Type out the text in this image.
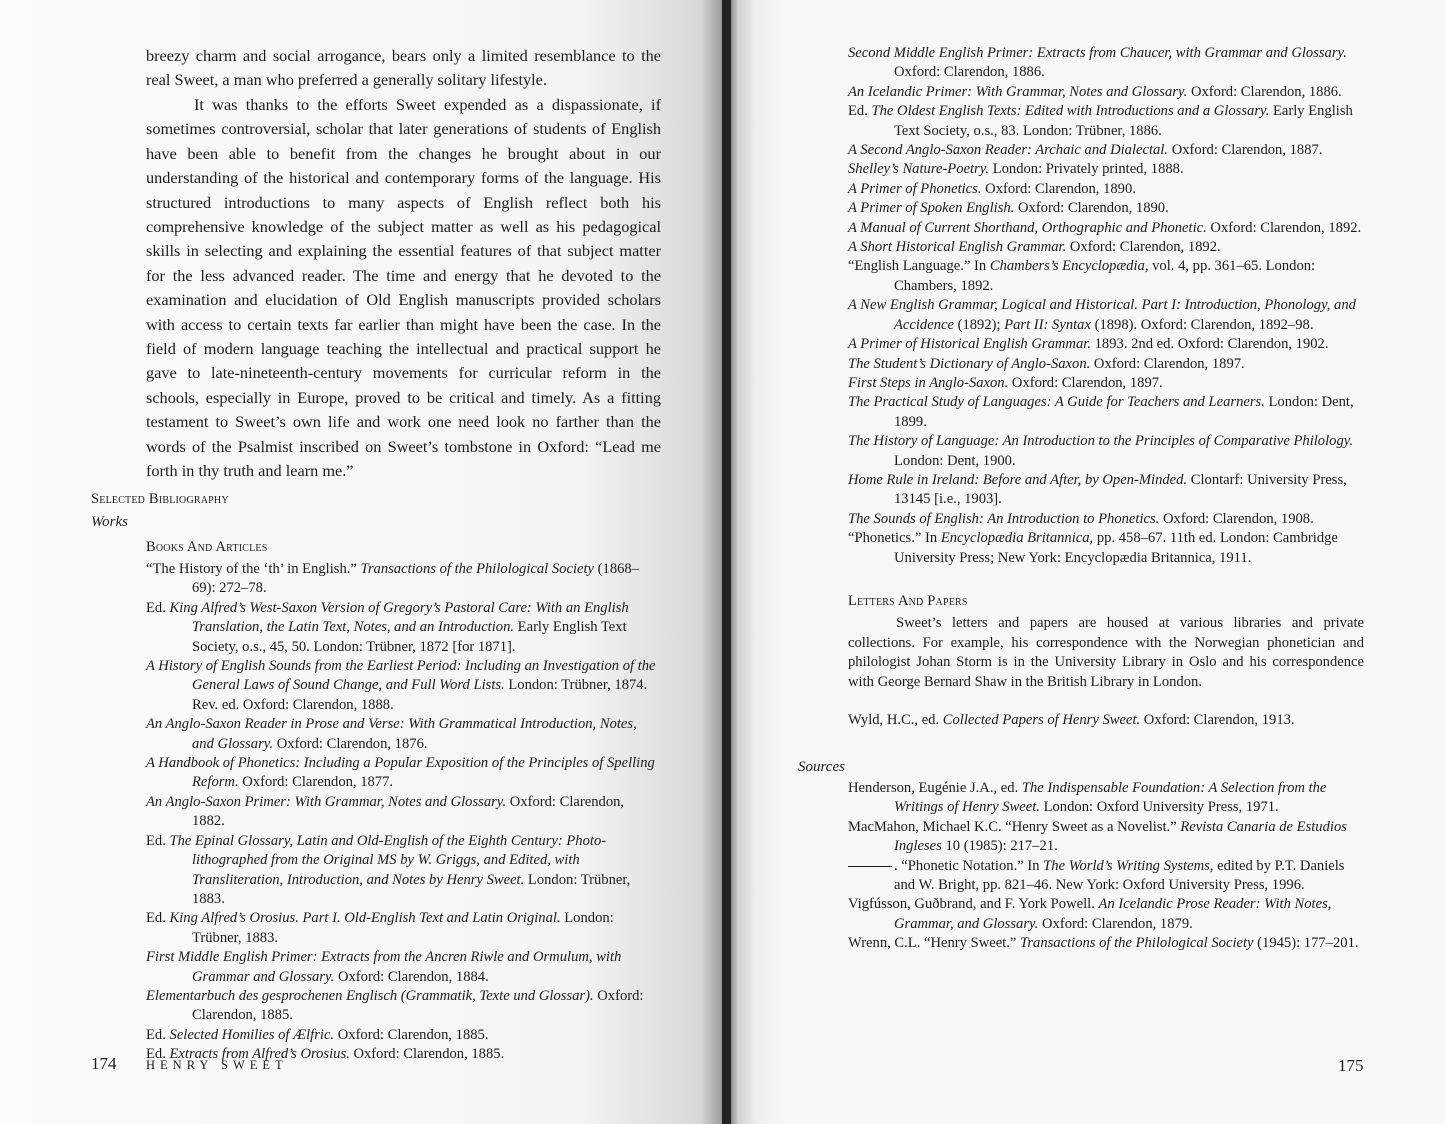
breezy charm and social arrogance, bears only a limited resemblance to the real Sweet, a man who preferred a generally solitary lifestyle.

It was thanks to the efforts Sweet expended as a dispassionate, if sometimes controversial, scholar that later generations of students of English have been able to benefit from the changes he brought about in our understanding of the historical and contemporary forms of the language. His structured introductions to many aspects of English reflect both his comprehensive knowledge of the subject matter as well as his pedagogical skills in selecting and explaining the essential features of that subject matter for the less advanced reader. The time and energy that he devoted to the examination and elucidation of Old English manuscripts provided scholars with access to certain texts far earlier than might have been the case. In the field of modern language teaching the intellectual and practical support he gave to late-nineteenth-century movements for curricular reform in the schools, especially in Europe, proved to be critical and timely. As a fitting testament to Sweet’s own life and work one need look no farther than the words of the Psalmist inscribed on Sweet’s tombstone in Oxford: “Lead me forth in thy truth and learn me.”

Selected Bibliography
Works
Books And Articles
“The History of the ‘th’ in English.” Transactions of the Philological Society (1868–69): 272–78.
Ed. King Alfred’s West-Saxon Version of Gregory’s Pastoral Care: With an English Translation, the Latin Text, Notes, and an Introduction. Early English Text Society, o.s., 45, 50. London: Trübner, 1872 [for 1871].
A History of English Sounds from the Earliest Period: Including an Investigation of the General Laws of Sound Change, and Full Word Lists. London: Trübner, 1874. Rev. ed. Oxford: Clarendon, 1888.
An Anglo-Saxon Reader in Prose and Verse: With Grammatical Introduction, Notes, and Glossary. Oxford: Clarendon, 1876.
A Handbook of Phonetics: Including a Popular Exposition of the Principles of Spelling Reform. Oxford: Clarendon, 1877.
An Anglo-Saxon Primer: With Grammar, Notes and Glossary. Oxford: Clarendon, 1882.
Ed. The Epinal Glossary, Latin and Old-English of the Eighth Century: Photo-lithographed from the Original MS by W. Griggs, and Edited, with Transliteration, Introduction, and Notes by Henry Sweet. London: Trübner, 1883.
Ed. King Alfred’s Orosius. Part I. Old-English Text and Latin Original. London: Trübner, 1883.
First Middle English Primer: Extracts from the Ancren Riwle and Ormulum, with Grammar and Glossary. Oxford: Clarendon, 1884.
Elementarbuch des gesprochenen Englisch (Grammatik, Texte und Glossar). Oxford: Clarendon, 1885.
Ed. Selected Homilies of Ælfric. Oxford: Clarendon, 1885.
Ed. Extracts from Alfred’s Orosius. Oxford: Clarendon, 1885.
174 HENRY SWEET
Second Middle English Primer: Extracts from Chaucer, with Grammar and Glossary. Oxford: Clarendon, 1886.
An Icelandic Primer: With Grammar, Notes and Glossary. Oxford: Clarendon, 1886.
Ed. The Oldest English Texts: Edited with Introductions and a Glossary. Early English Text Society, o.s., 83. London: Trübner, 1886.
A Second Anglo-Saxon Reader: Archaic and Dialectal. Oxford: Clarendon, 1887.
Shelley’s Nature-Poetry. London: Privately printed, 1888.
A Primer of Phonetics. Oxford: Clarendon, 1890.
A Primer of Spoken English. Oxford: Clarendon, 1890.
A Manual of Current Shorthand, Orthographic and Phonetic. Oxford: Clarendon, 1892.
A Short Historical English Grammar. Oxford: Clarendon, 1892.
“English Language.” In Chambers’s Encyclopædia, vol. 4, pp. 361–65. London: Chambers, 1892.
A New English Grammar, Logical and Historical. Part I: Introduction, Phonology, and Accidence (1892); Part II: Syntax (1898). Oxford: Clarendon, 1892–98.
A Primer of Historical English Grammar. 1893. 2nd ed. Oxford: Clarendon, 1902.
The Student’s Dictionary of Anglo-Saxon. Oxford: Clarendon, 1897.
First Steps in Anglo-Saxon. Oxford: Clarendon, 1897.
The Practical Study of Languages: A Guide for Teachers and Learners. London: Dent, 1899.
The History of Language: An Introduction to the Principles of Comparative Philology. London: Dent, 1900.
Home Rule in Ireland: Before and After, by Open-Minded. Clontarf: University Press, 13145 [i.e., 1903].
The Sounds of English: An Introduction to Phonetics. Oxford: Clarendon, 1908.
“Phonetics.” In Encyclopædia Britannica, pp. 458–67. 11th ed. London: Cambridge University Press; New York: Encyclopædia Britannica, 1911.
Letters And Papers

Sweet’s letters and papers are housed at various libraries and private collections. For example, his correspondence with the Norwegian phonetician and philologist Johan Storm is in the University Library in Oslo and his correspondence with George Bernard Shaw in the British Library in London.

Wyld, H.C., ed. Collected Papers of Henry Sweet. Oxford: Clarendon, 1913.
Sources
Henderson, Eugénie J.A., ed. The Indispensable Foundation: A Selection from the Writings of Henry Sweet. London: Oxford University Press, 1971.
MacMahon, Michael K.C. “Henry Sweet as a Novelist.” Revista Canaria de Estudios Ingleses 10 (1985): 217–21.
. “Phonetic Notation.” In The World’s Writing Systems, edited by P.T. Daniels and W. Bright, pp. 821–46. New York: Oxford University Press, 1996.
Vigfússon, Guðbrand, and F. York Powell. An Icelandic Prose Reader: With Notes, Grammar, and Glossary. Oxford: Clarendon, 1879.
Wrenn, C.L. “Henry Sweet.” Transactions of the Philological Society (1945): 177–201.
175
